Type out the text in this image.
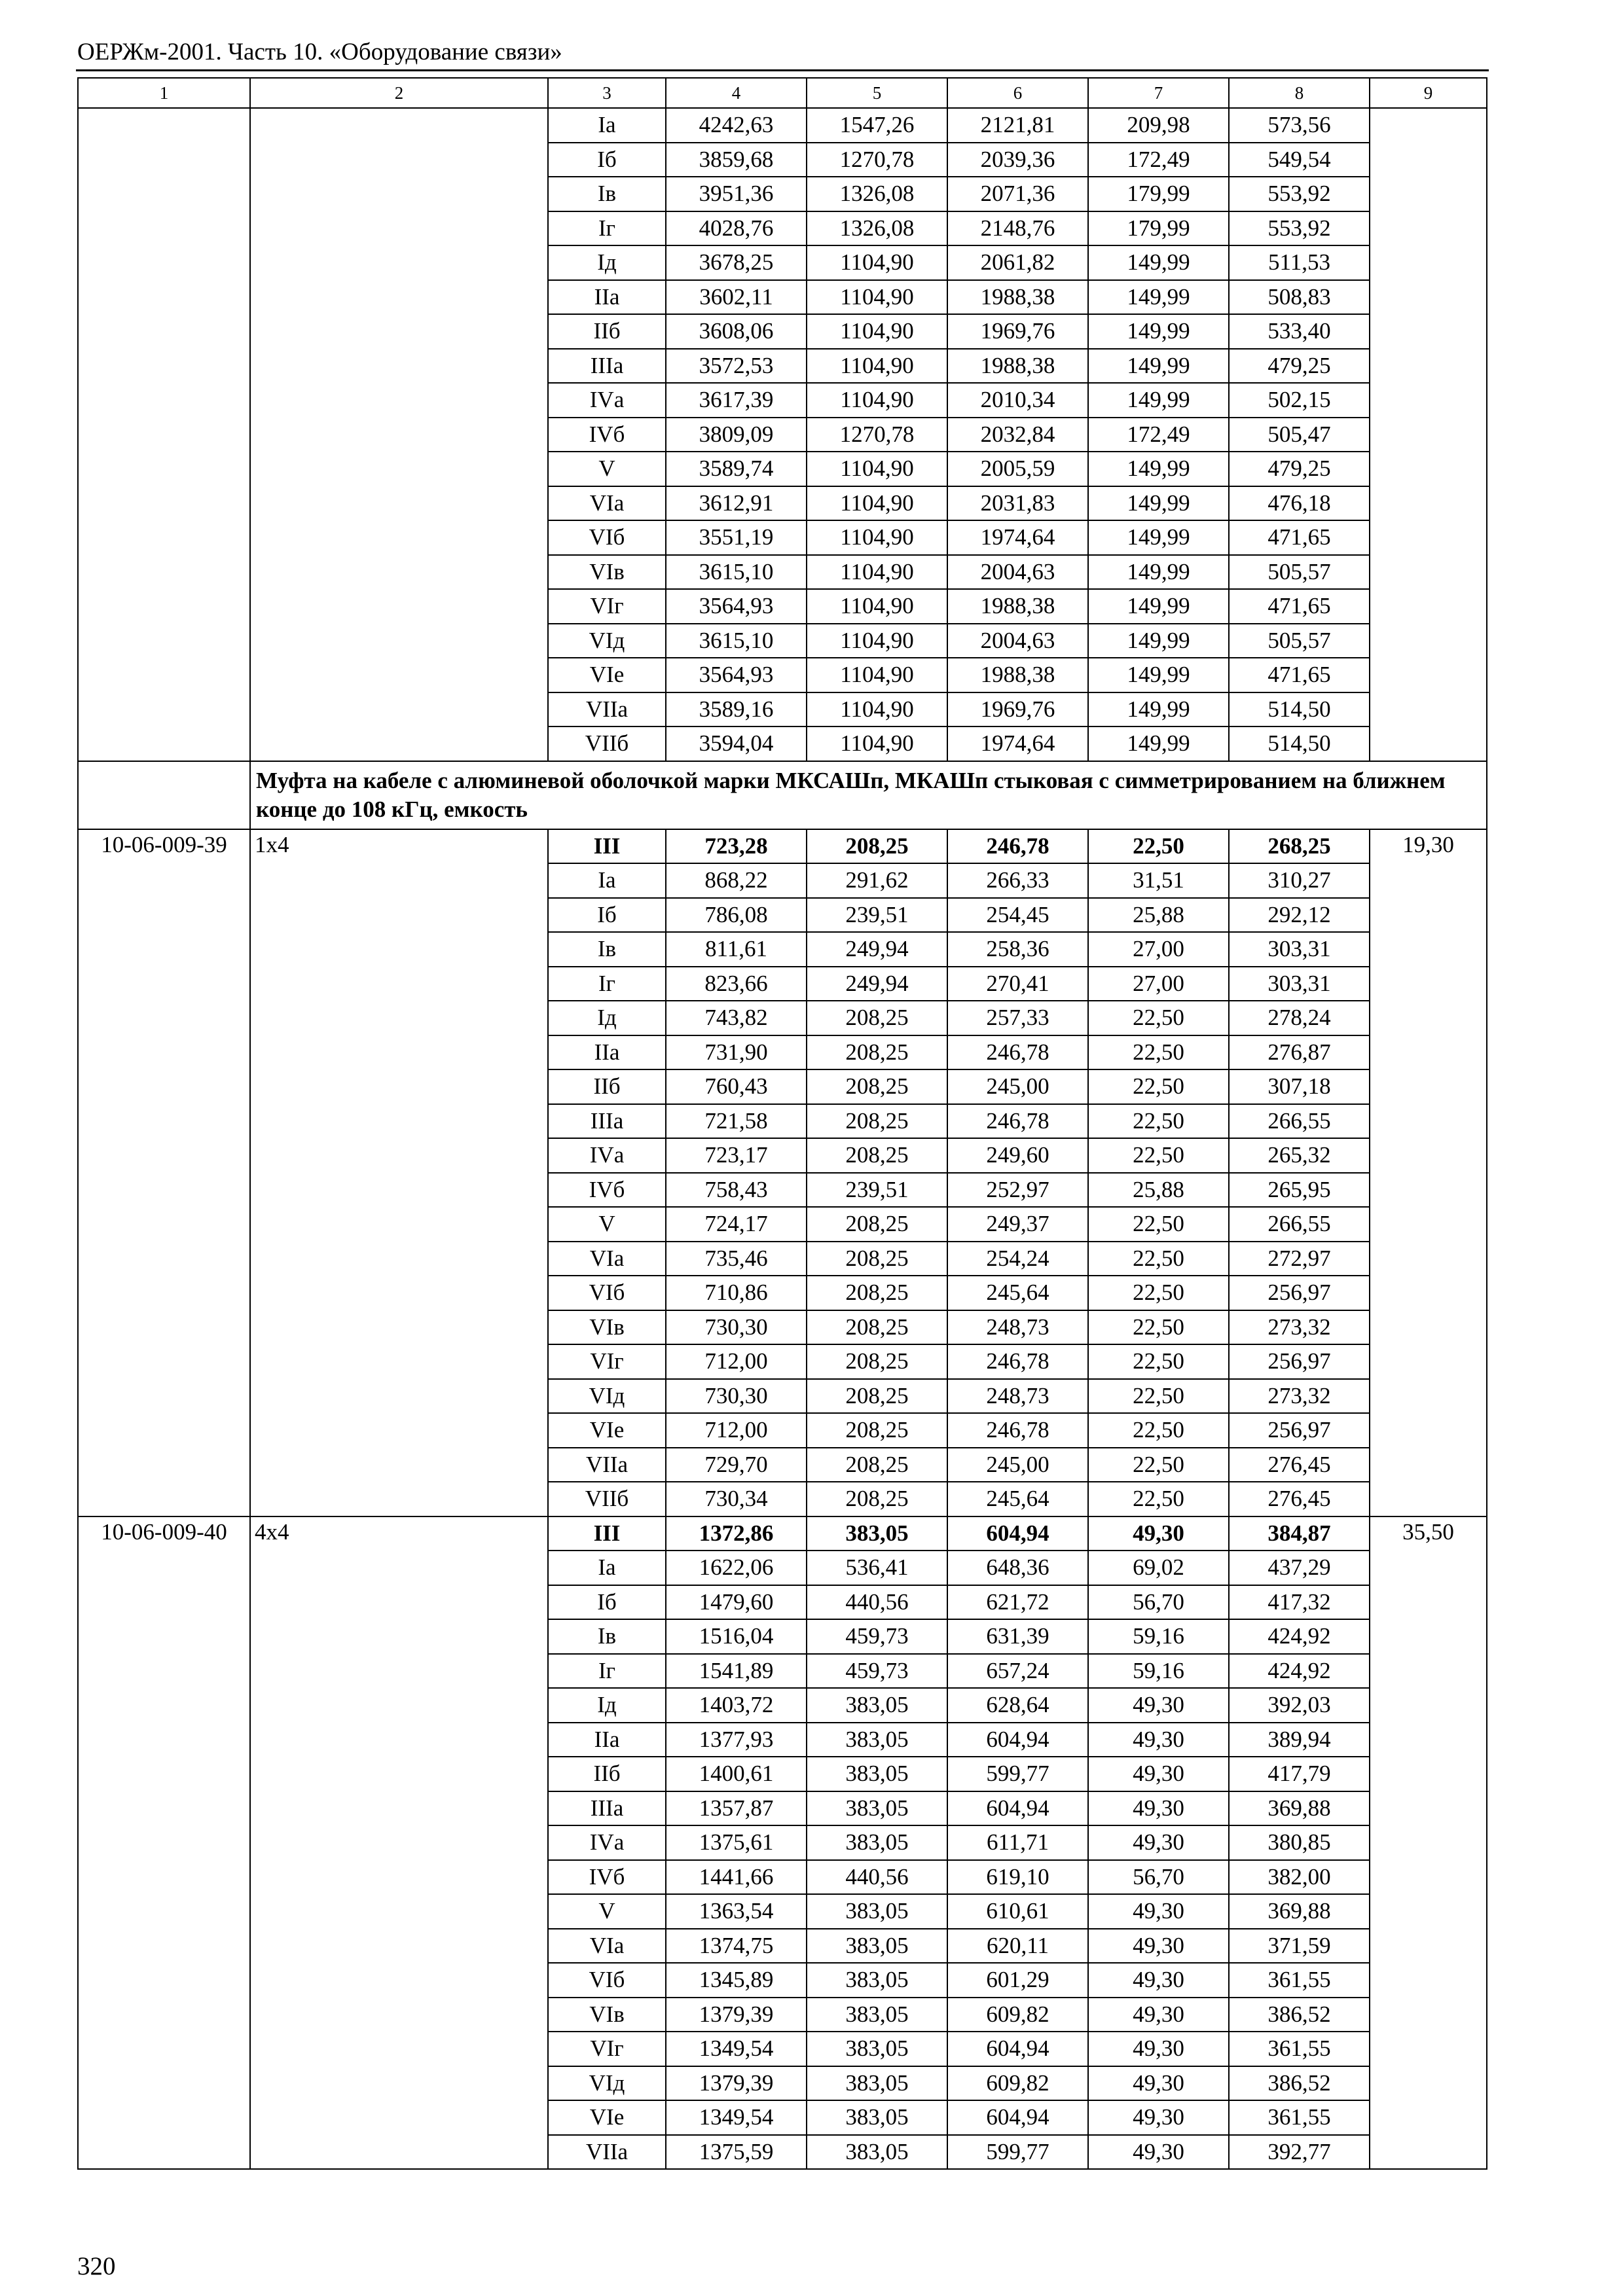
ОЕРЖм-2001. Часть 10. «Оборудование связи»
1	2	3	4	5	6	7	8	9
		Iа	4242,63	1547,26	2121,81	209,98	573,56	
		Iб	3859,68	1270,78	2039,36	172,49	549,54	
		Iв	3951,36	1326,08	2071,36	179,99	553,92	
		Iг	4028,76	1326,08	2148,76	179,99	553,92	
		Iд	3678,25	1104,90	2061,82	149,99	511,53	
		IIа	3602,11	1104,90	1988,38	149,99	508,83	
		IIб	3608,06	1104,90	1969,76	149,99	533,40	
		IIIа	3572,53	1104,90	1988,38	149,99	479,25	
		IVа	3617,39	1104,90	2010,34	149,99	502,15	
		IVб	3809,09	1270,78	2032,84	172,49	505,47	
		V	3589,74	1104,90	2005,59	149,99	479,25	
		VIа	3612,91	1104,90	2031,83	149,99	476,18	
		VIб	3551,19	1104,90	1974,64	149,99	471,65	
		VIв	3615,10	1104,90	2004,63	149,99	505,57	
		VIг	3564,93	1104,90	1988,38	149,99	471,65	
		VIд	3615,10	1104,90	2004,63	149,99	505,57	
		VIе	3564,93	1104,90	1988,38	149,99	471,65	
		VIIа	3589,16	1104,90	1969,76	149,99	514,50	
		VIIб	3594,04	1104,90	1974,64	149,99	514,50	
	Муфта на кабеле с алюминевой оболочкой марки МКСАШп, МКАШп стыковая с симметрированием на ближнем конце до 108 кГц, емкость							
10-06-009-39	1x4	III	723,28	208,25	246,78	22,50	268,25	19,30
		Iа	868,22	291,62	266,33	31,51	310,27	
		Iб	786,08	239,51	254,45	25,88	292,12	
		Iв	811,61	249,94	258,36	27,00	303,31	
		Iг	823,66	249,94	270,41	27,00	303,31	
		Iд	743,82	208,25	257,33	22,50	278,24	
		IIа	731,90	208,25	246,78	22,50	276,87	
		IIб	760,43	208,25	245,00	22,50	307,18	
		IIIа	721,58	208,25	246,78	22,50	266,55	
		IVа	723,17	208,25	249,60	22,50	265,32	
		IVб	758,43	239,51	252,97	25,88	265,95	
		V	724,17	208,25	249,37	22,50	266,55	
		VIа	735,46	208,25	254,24	22,50	272,97	
		VIб	710,86	208,25	245,64	22,50	256,97	
		VIв	730,30	208,25	248,73	22,50	273,32	
		VIг	712,00	208,25	246,78	22,50	256,97	
		VIд	730,30	208,25	248,73	22,50	273,32	
		VIе	712,00	208,25	246,78	22,50	256,97	
		VIIа	729,70	208,25	245,00	22,50	276,45	
		VIIб	730,34	208,25	245,64	22,50	276,45	
10-06-009-40	4x4	III	1372,86	383,05	604,94	49,30	384,87	35,50
		Iа	1622,06	536,41	648,36	69,02	437,29	
		Iб	1479,60	440,56	621,72	56,70	417,32	
		Iв	1516,04	459,73	631,39	59,16	424,92	
		Iг	1541,89	459,73	657,24	59,16	424,92	
		Iд	1403,72	383,05	628,64	49,30	392,03	
		IIа	1377,93	383,05	604,94	49,30	389,94	
		IIб	1400,61	383,05	599,77	49,30	417,79	
		IIIа	1357,87	383,05	604,94	49,30	369,88	
		IVа	1375,61	383,05	611,71	49,30	380,85	
		IVб	1441,66	440,56	619,10	56,70	382,00	
		V	1363,54	383,05	610,61	49,30	369,88	
		VIа	1374,75	383,05	620,11	49,30	371,59	
		VIб	1345,89	383,05	601,29	49,30	361,55	
		VIв	1379,39	383,05	609,82	49,30	386,52	
		VIг	1349,54	383,05	604,94	49,30	361,55	
		VIд	1379,39	383,05	609,82	49,30	386,52	
		VIе	1349,54	383,05	604,94	49,30	361,55	
		VIIа	1375,59	383,05	599,77	49,30	392,77	
320
